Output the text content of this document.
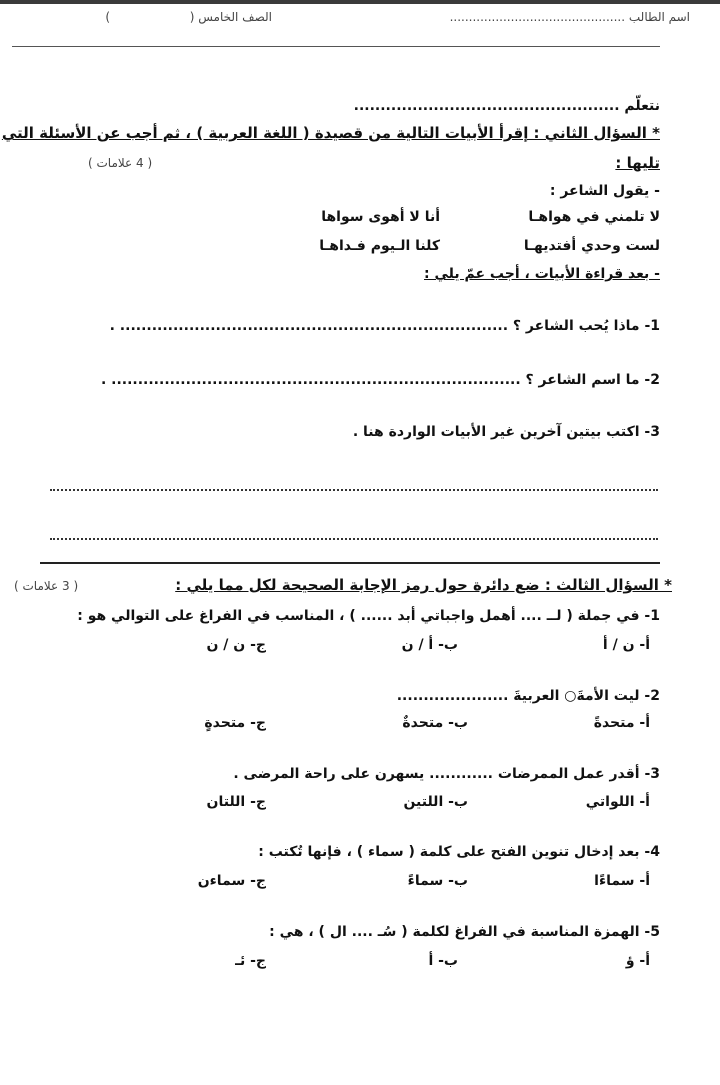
اسم الطالب ..............................................
الصف الخامس (
)
نتعلّم ..................................................
* السؤال الثاني : إقرأ الأبيات التالية من قصيدة ( اللغة العربية ) ، ثم أجب عن الأسئلة التي
تليها :
( 4 علامات )
- يقول الشاعر :
لا تلمني في هواهـا
أنا لا أهوى سواها
لست وحدي أفتديهـا
كلنا الـيوم فـداهـا
- بعد قراءة الأبيات ، أجب عمّ يلي :
1- ماذا يُحب الشاعر ؟ ......................................................................... .
2- ما اسم الشاعر ؟ ............................................................................. .
3- اكتب بيتين آخرين غير الأبيات الواردة هنا .
* السؤال الثالث : ضع دائرة حول رمز الإجابة الصحيحة لكل مما يلي :
( 3 علامات )
1- في جملة ( لــ .... أهمل واجباتي أبد ...... ) ، المناسب في الفراغ على التوالي هو :
أ- ن / أ
ب- أ / ن
ج- ن / ن
2- ليت الأمةَ○ العربيةَ .....................
أ- متحدةً
ب- متحدةٌ
ج- متحدةٍ
3- أقدر عمل الممرضات ............ يسهرن على راحة المرضى .
أ- اللواتي
ب- اللتين
ج- اللتان
4- بعد إدخال تنوين الفتح على كلمة ( سماء ) ، فإنها تُكتب :
أ- سماءًا
ب- سماءً
ج- سماءن
5- الهمزة المناسبة في الفراغ لكلمة ( سُـ .... ال ) ، هي :
أ- ؤ
ب- أ
ج- ئـ
